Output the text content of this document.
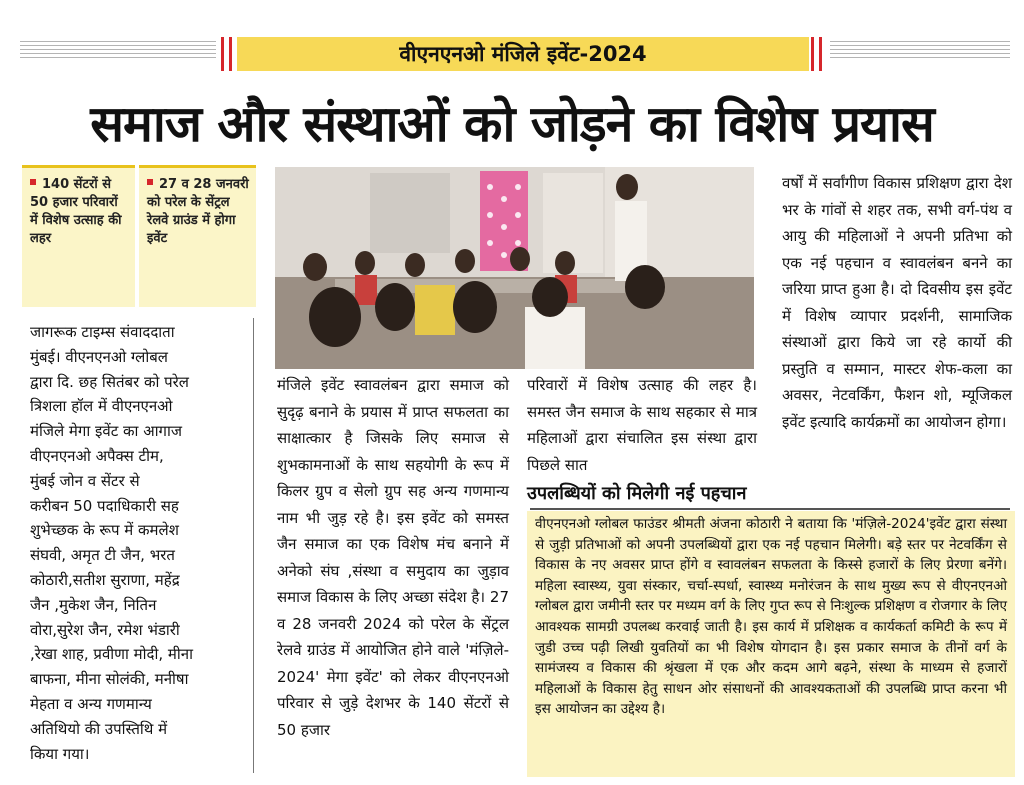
वीएनएनओ मंजिले इवेंट-2024
समाज और संस्थाओं को जोड़ने का विशेष प्रयास
140 सेंटरों से 50 हजार परिवारों में विशेष उत्साह की लहर
27 व 28 जनवरी को परेल के सेंट्रल रेलवे ग्राउंड में होगा इवेंट
जागरूक टाइम्स संवाददाता
मुंबई। वीएनएनओ ग्लोबल
द्वारा दि. छह सितंबर को परेल
त्रिशला हॉल में वीएनएनओ
मंजिले मेगा इवेंट का आगाज
वीएनएनओ अपैक्स टीम,
मुंबई जोन व सेंटर से
करीबन 50 पदाधिकारी सह
शुभेच्छक के रूप में कमलेश
संघवी, अमृत टी जैन, भरत
कोठारी,सतीश सुराणा, महेंद्र
जैन ,मुकेश जैन, नितिन
वोरा,सुरेश जैन, रमेश भंडारी
,रेखा शाह, प्रवीणा मोदी, मीना
बाफना, मीना सोलंकी, मनीषा
मेहता व अन्य गणमान्य
अतिथियो की उपस्तिथि में
किया गया।
मंजिले इवेंट स्वावलंबन द्वारा समाज को सुदृढ़ बनाने के प्रयास में प्राप्त सफलता का साक्षात्कार है जिसके लिए समाज से शुभकामनाओं के साथ सहयोगी के रूप में किलर ग्रुप व सेलो ग्रुप सह अन्य गणमान्य नाम भी जुड़ रहे है। इस इवेंट को समस्त जैन समाज का एक विशेष मंच बनाने में अनेको संघ ,संस्था व समुदाय का जुड़ाव समाज विकास के लिए अच्छा संदेश है। 27 व 28 जनवरी 2024 को परेल के सेंट्रल रेलवे ग्राउंड में आयोजित होने वाले 'मंज़िले- 2024' मेगा इवेंट' को लेकर वीएनएनओ परिवार से जुड़े देशभर के 140 सेंटरों से 50 हजार
परिवारों में विशेष उत्साह की लहर है। समस्त जैन समाज के साथ सहकार से मात्र महिलाओं द्वारा संचालित इस संस्था द्वारा पिछले सात
वर्षों में सर्वांगीण विकास प्रशिक्षण द्वारा देश भर के गांवों से शहर तक, सभी वर्ग-पंथ व आयु की महिलाओं ने अपनी प्रतिभा को एक नई पहचान व स्वावलंबन बनने का जरिया प्राप्त हुआ है। दो दिवसीय इस इवेंट में विशेष व्यापार प्रदर्शनी, सामाजिक संस्थाओं द्वारा किये जा रहे कार्यो की प्रस्तुति व सम्मान, मास्टर शेफ-कला का अवसर, नेटवर्किंग, फैशन शो, म्यूजिकल इवेंट इत्यादि कार्यक्रमों का आयोजन होगा।
उपलब्धियों को मिलेगी नई पहचान
वीएनएनओ ग्लोबल फाउंडर श्रीमती अंजना कोठारी ने बताया कि 'मंज़िले-2024'इवेंट द्वारा संस्था से जुड़ी प्रतिभाओं को अपनी उपलब्धियों द्वारा एक नई पहचान मिलेगी। बड़े स्तर पर नेटवर्किंग से विकास के नए अवसर प्राप्त होंगे व स्वावलंबन सफलता के किस्से हजारों के लिए प्रेरणा बनेंगे। महिला स्वास्थ्य, युवा संस्कार, चर्चा-स्पर्धा, स्वास्थ्य मनोरंजन के साथ मुख्य रूप से वीएनएनओ ग्लोबल द्वारा जमीनी स्तर पर मध्यम वर्ग के लिए गुप्त रूप से निःशुल्क प्रशिक्षण व रोजगार के लिए आवश्यक सामग्री उपलब्ध करवाई जाती है। इस कार्य में प्रशिक्षक व कार्यकर्ता कमिटी के रूप में जुडी उच्च पढ़ी लिखी युवतियों का भी विशेष योगदान है। इस प्रकार समाज के तीनों वर्ग के सामंजस्य व विकास की श्रृंखला में एक और कदम आगे बढ़ने, संस्था के माध्यम से हजारों महिलाओं के विकास हेतु साधन ओर संसाधनों की आवश्यकताओं की उपलब्धि प्राप्त करना भी इस आयोजन का उद्देश्य है।
